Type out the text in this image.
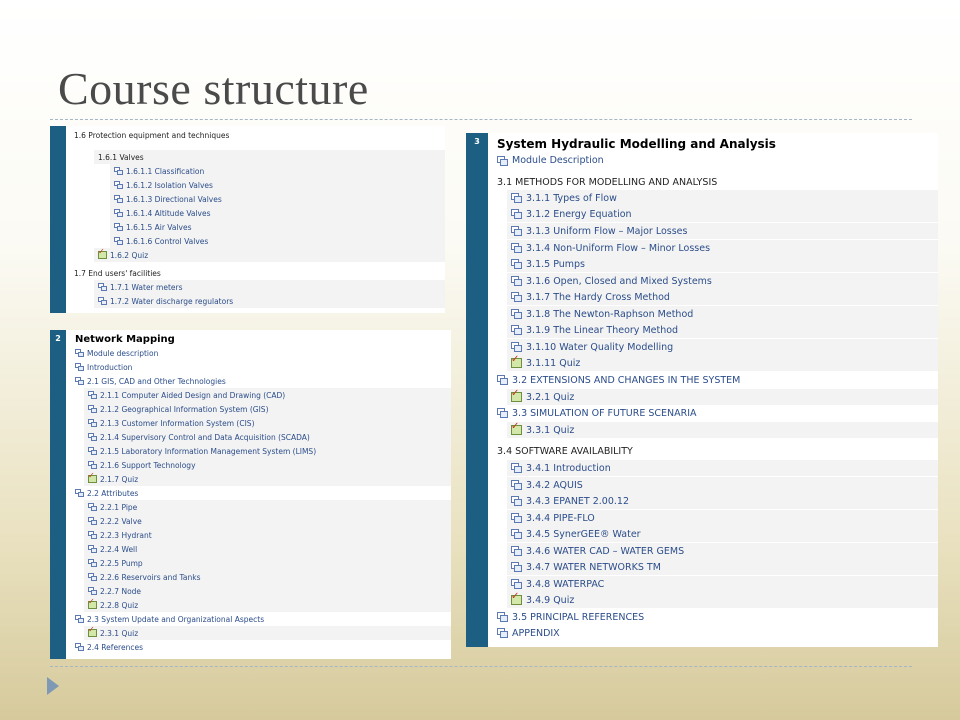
Course structure
1.6 Protection equipment and techniques
1.6.1 Valves
1.6.1.1 Classification
1.6.1.2 Isolation Valves
1.6.1.3 Directional Valves
1.6.1.4 Altitude Valves
1.6.1.5 Air Valves
1.6.1.6 Control Valves
✓ 1.6.2 Quiz
1.7 End users' facilities
1.7.1 Water meters
1.7.2 Water discharge regulators
2	Network Mapping
Module description
Introduction
2.1 GIS, CAD and Other Technologies
2.1.1 Computer Aided Design and Drawing (CAD)
2.1.2 Geographical Information System (GIS)
2.1.3 Customer Information System (CIS)
2.1.4 Supervisory Control and Data Acquisition (SCADA)
2.1.5 Laboratory Information Management System (LIMS)
2.1.6 Support Technology
✓ 2.1.7 Quiz
2.2 Attributes
2.2.1 Pipe
2.2.2 Valve
2.2.3 Hydrant
2.2.4 Well
2.2.5 Pump
2.2.6 Reservoirs and Tanks
2.2.7 Node
✓ 2.2.8 Quiz
2.3 System Update and Organizational Aspects
✓ 2.3.1 Quiz
2.4 References
3	System Hydraulic Modelling and Analysis
Module Description
3.1 METHODS FOR MODELLING AND ANALYSIS
3.1.1 Types of Flow
3.1.2 Energy Equation
3.1.3 Uniform Flow – Major Losses
3.1.4 Non-Uniform Flow – Minor Losses
3.1.5 Pumps
3.1.6 Open, Closed and Mixed Systems
3.1.7 The Hardy Cross Method
3.1.8 The Newton-Raphson Method
3.1.9 The Linear Theory Method
3.1.10 Water Quality Modelling
✓ 3.1.11 Quiz
3.2 EXTENSIONS AND CHANGES IN THE SYSTEM
✓ 3.2.1 Quiz
3.3 SIMULATION OF FUTURE SCENARIA
✓ 3.3.1 Quiz
3.4 SOFTWARE AVAILABILITY
3.4.1 Introduction
3.4.2 AQUIS
3.4.3 EPANET 2.00.12
3.4.4 PIPE-FLO
3.4.5 SynerGEE® Water
3.4.6 WATER CAD – WATER GEMS
3.4.7 WATER NETWORKS TM
3.4.8 WATERPAC
✓ 3.4.9 Quiz
3.5 PRINCIPAL REFERENCES
APPENDIX
